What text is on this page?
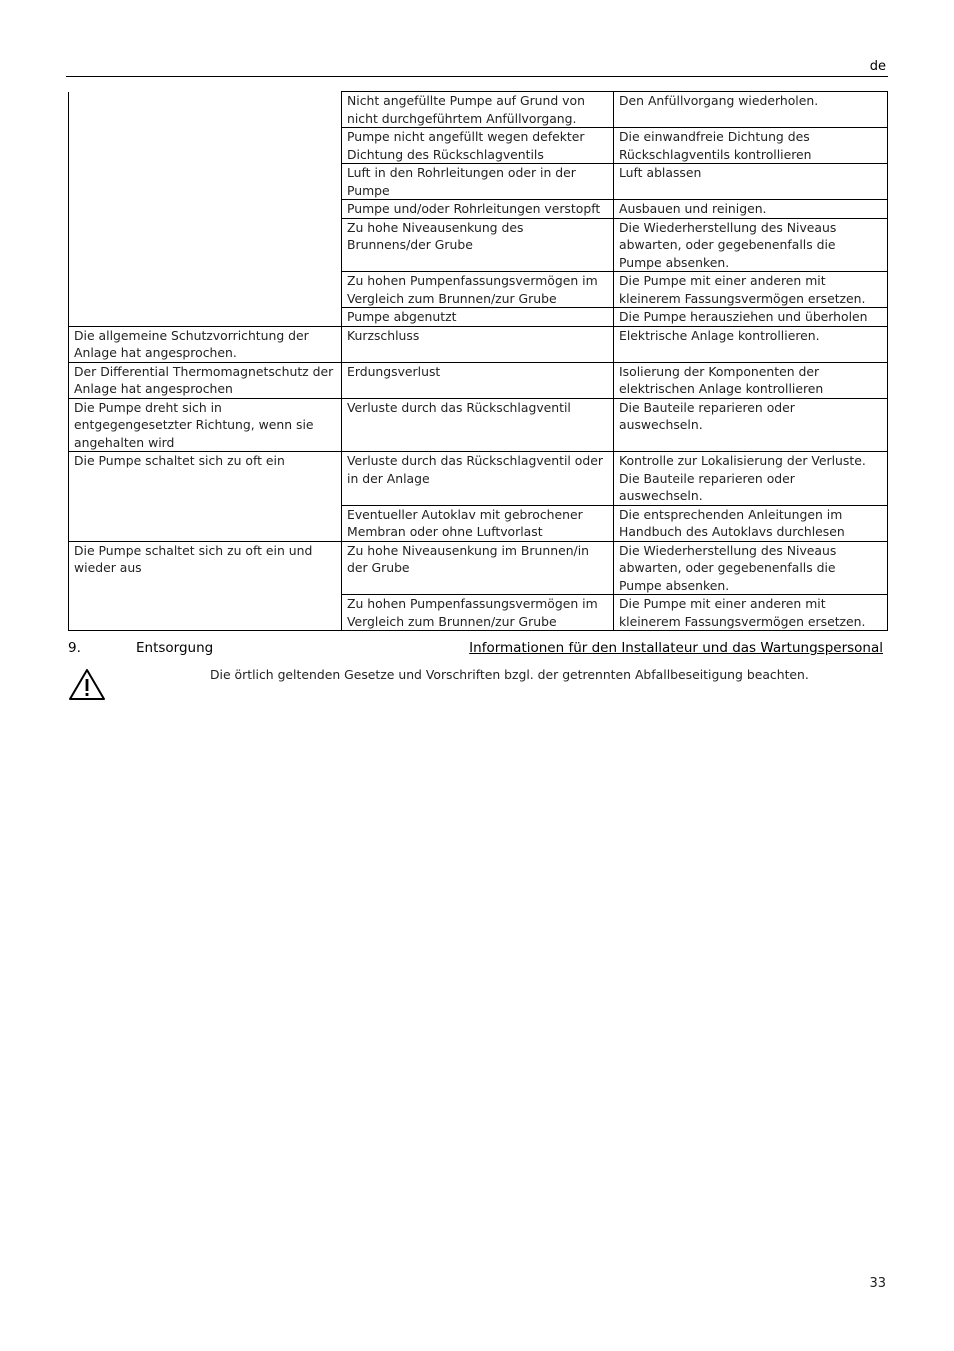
de
	Nicht angefüllte Pumpe auf Grund von nicht durchgeführtem Anfüllvorgang.	Den Anfüllvorgang wiederholen.
	Pumpe nicht angefüllt wegen defekter Dichtung des Rückschlagventils	Die einwandfreie Dichtung des Rückschlagventils kontrollieren
	Luft in den Rohrleitungen oder in der Pumpe	Luft ablassen
	Pumpe und/oder Rohrleitungen verstopft	Ausbauen und reinigen.
	Zu hohe Niveausenkung des Brunnens/der Grube	Die Wiederherstellung des Niveaus abwarten, oder gegebenenfalls die Pumpe absenken.
	Zu hohen Pumpenfassungsvermögen im Vergleich zum Brunnen/zur Grube	Die Pumpe mit einer anderen mit kleinerem Fassungsvermögen ersetzen.
	Pumpe abgenutzt	Die Pumpe herausziehen und überholen
Die allgemeine Schutzvorrichtung der Anlage hat angesprochen.	Kurzschluss	Elektrische Anlage kontrollieren.
Der Differential Thermomagnetschutz der Anlage hat angesprochen	Erdungsverlust	Isolierung der Komponenten der elektrischen Anlage kontrollieren
Die Pumpe dreht sich in entgegengesetzter Richtung, wenn sie angehalten wird	Verluste durch das Rückschlagventil	Die Bauteile reparieren oder auswechseln.
Die Pumpe schaltet sich zu oft ein	Verluste durch das Rückschlagventil oder in der Anlage	Kontrolle zur Lokalisierung der Verluste. Die Bauteile reparieren oder auswechseln.
	Eventueller Autoklav mit gebrochener Membran oder ohne Luftvorlast	Die entsprechenden Anleitungen im Handbuch des Autoklavs durchlesen
Die Pumpe schaltet sich zu oft ein und wieder aus	Zu hohe Niveausenkung im Brunnen/in der Grube	Die Wiederherstellung des Niveaus abwarten, oder gegebenenfalls die Pumpe absenken.
	Zu hohen Pumpenfassungsvermögen im Vergleich zum Brunnen/zur Grube	Die Pumpe mit einer anderen mit kleinerem Fassungsvermögen ersetzen.
9.	Entsorgung	Informationen für den Installateur und das Wartungspersonal
Die örtlich geltenden Gesetze und Vorschriften bzgl. der getrennten Abfallbeseitigung beachten.
33
